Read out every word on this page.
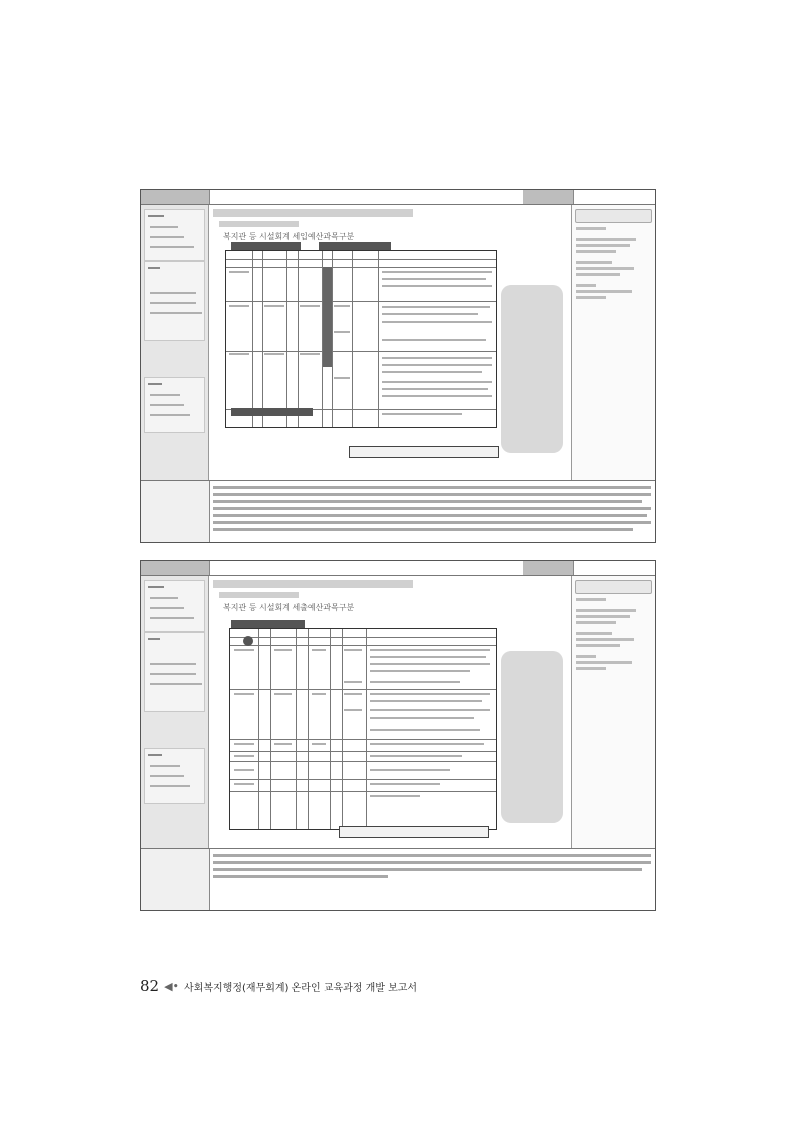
복지관 등 시설회계 세입예산과목구분
복지관 등 시설회계 세출예산과목구분
82 ◀• 사회복지행정(재무회계) 온라인 교육과정 개발 보고서
